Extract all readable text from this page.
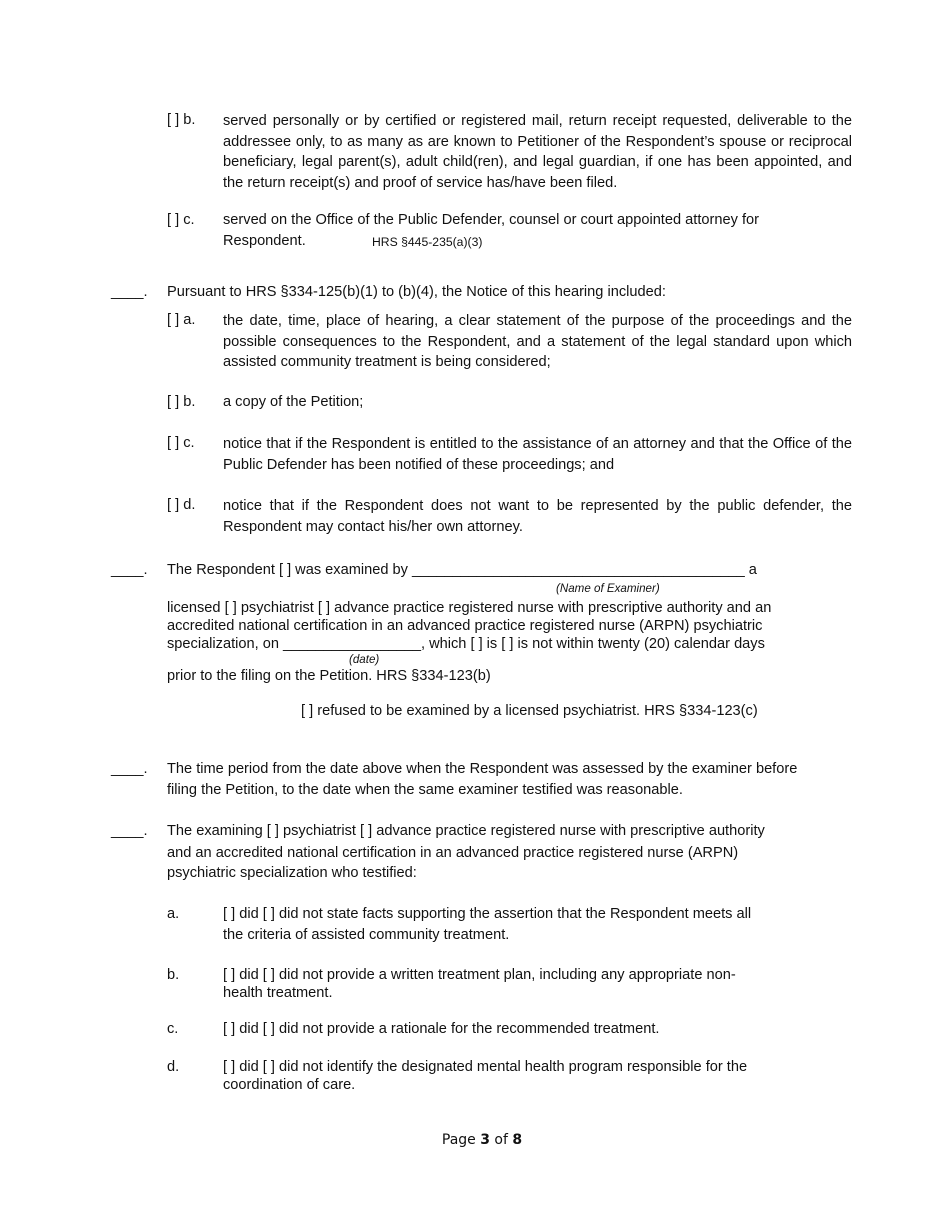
[ ] b. served personally or by certified or registered mail, return receipt requested, deliverable to the addressee only, to as many as are known to Petitioner of the Respondent’s spouse or reciprocal beneficiary, legal parent(s), adult child(ren), and legal guardian, if one has been appointed, and the return receipt(s) and proof of service has/have been filed.
[ ] c. served on the Office of the Public Defender, counsel or court appointed attorney for
Respondent.	HRS §445-235(a)(3)
____. Pursuant to HRS §334-125(b)(1) to (b)(4), the Notice of this hearing included:
[ ] a. the date, time, place of hearing, a clear statement of the purpose of the proceedings and the possible consequences to the Respondent, and a statement of the legal standard upon which assisted community treatment is being considered;
[ ] b. a copy of the Petition;
[ ] c. notice that if the Respondent is entitled to the assistance of an attorney and that the Office of the Public Defender has been notified of these proceedings; and
[ ] d. notice that if the Respondent does not want to be represented by the public defender, the Respondent may contact his/her own attorney.
____. The Respondent [ ] was examined by _________________________________________ a
(Name of Examiner)
licensed [ ] psychiatrist [ ] advance practice registered nurse with prescriptive authority and an
accredited national certification in an advanced practice registered nurse (ARPN) psychiatric
specialization, on _________________, which [ ] is [ ] is not within twenty (20) calendar days
(date)
prior to the filing on the Petition. HRS §334-123(b)
[ ] refused to be examined by a licensed psychiatrist. HRS §334-123(c)
____. The time period from the date above when the Respondent was assessed by the examiner before
filing the Petition, to the date when the same examiner testified was reasonable.
____. The examining [ ] psychiatrist [ ] advance practice registered nurse with prescriptive authority
and an accredited national certification in an advanced practice registered nurse (ARPN)
psychiatric specialization who testified:
a.	[ ] did [ ] did not state facts supporting the assertion that the Respondent meets all
the criteria of assisted community treatment.
b.	[ ] did [ ] did not provide a written treatment plan, including any appropriate non-
health treatment.
c.	[ ] did [ ] did not provide a rationale for the recommended treatment.
d.	[ ] did [ ] did not identify the designated mental health program responsible for the
coordination of care.
Page 3 of 8
